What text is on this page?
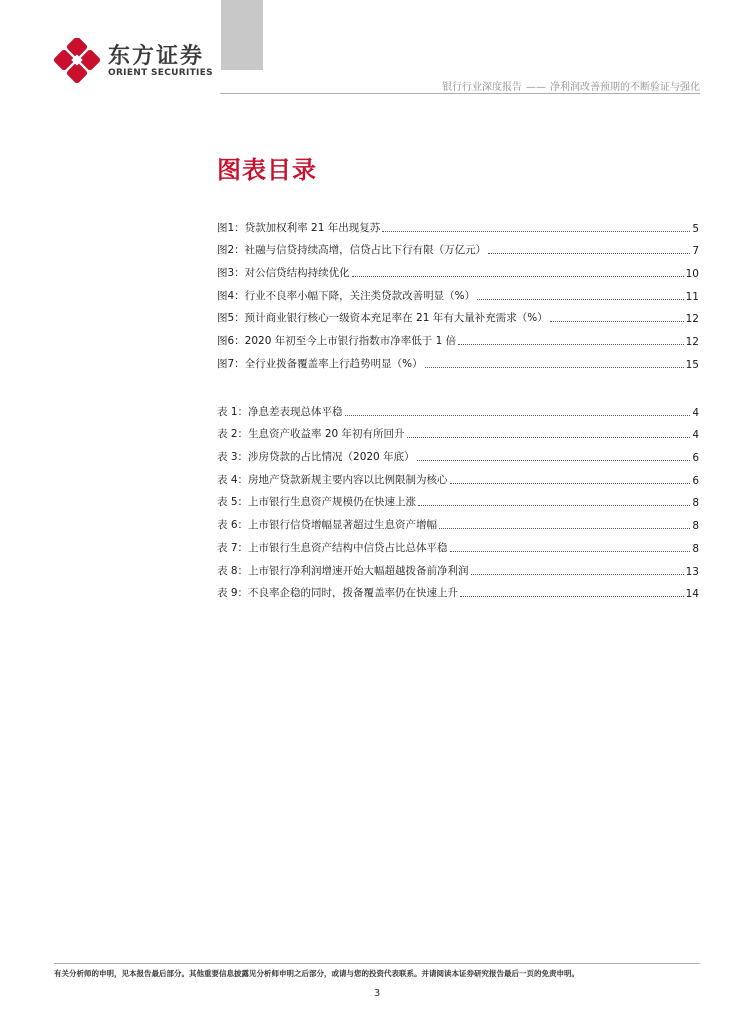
东方证券
ORIENT SECURITIES
银行行业深度报告 —— 净利润改善预期的不断验证与强化
图表目录
图1：贷款加权利率 21 年出现复苏	5
图2：社融与信贷持续高增，信贷占比下行有限（万亿元）	7
图3：对公信贷结构持续优化	10
图4：行业不良率小幅下降，关注类贷款改善明显（%）	11
图5：预计商业银行核心一级资本充足率在 21 年有大量补充需求（%）	12
图6：2020 年初至今上市银行指数市净率低于 1 倍	12
图7：全行业拨备覆盖率上行趋势明显（%）	15
表 1：净息差表现总体平稳	4
表 2：生息资产收益率 20 年初有所回升	4
表 3：涉房贷款的占比情况（2020 年底）	6
表 4：房地产贷款新规主要内容以比例限制为核心	6
表 5：上市银行生息资产规模仍在快速上涨	8
表 6：上市银行信贷增幅显著超过生息资产增幅	8
表 7：上市银行生息资产结构中信贷占比总体平稳	8
表 8：上市银行净利润增速开始大幅超越拨备前净利润	13
表 9：不良率企稳的同时，拨备覆盖率仍在快速上升	14
有关分析师的申明，见本报告最后部分。其他重要信息披露见分析师申明之后部分，或请与您的投资代表联系。并请阅读本证券研究报告最后一页的免责申明。
3
